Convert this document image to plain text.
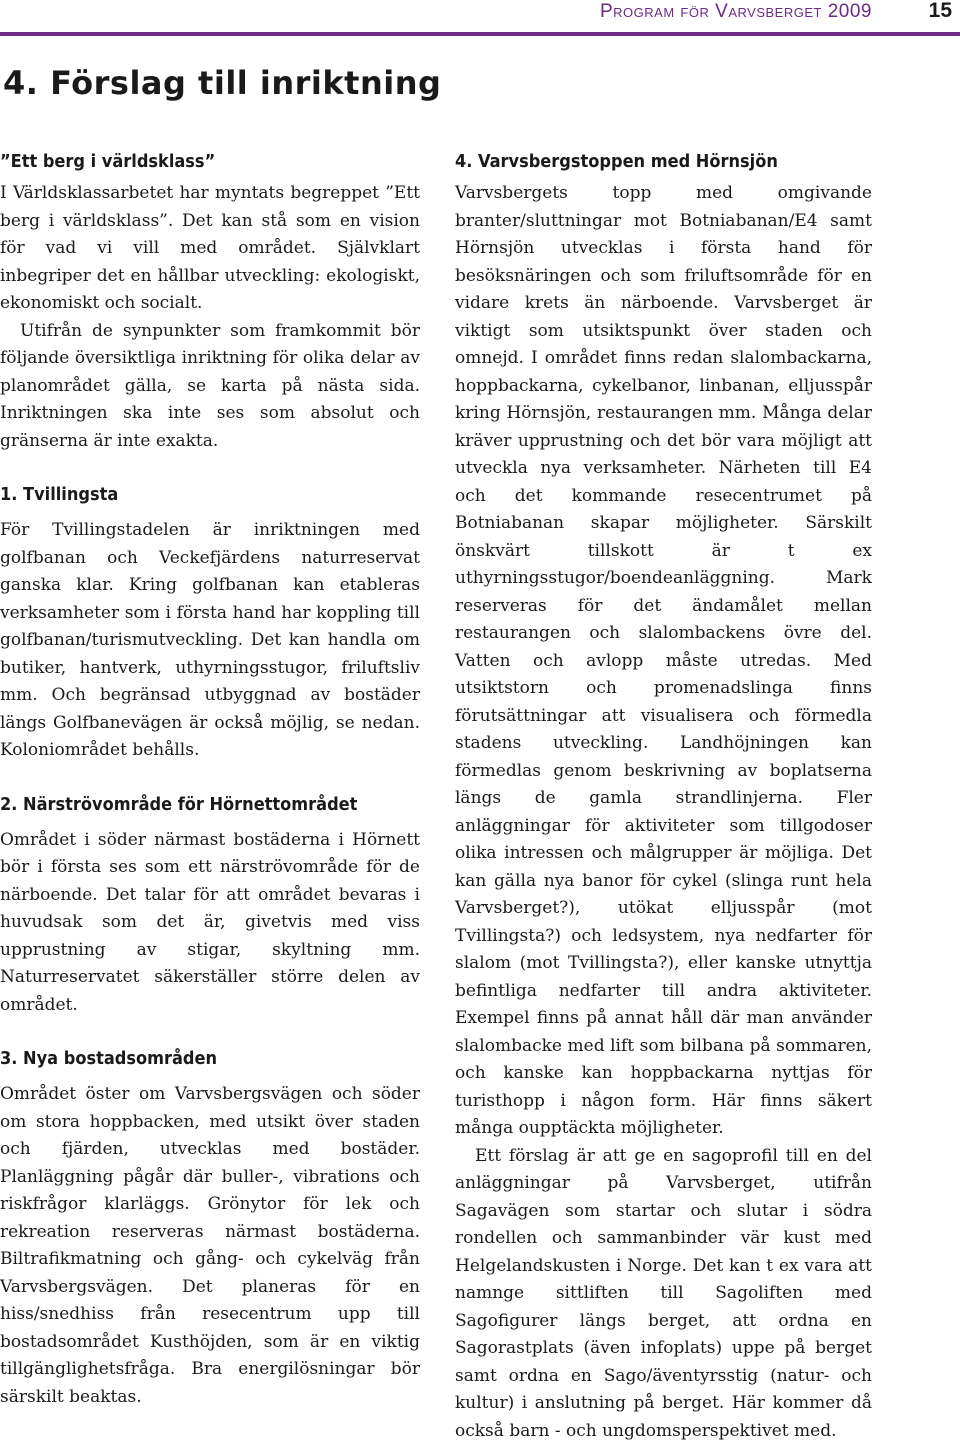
Program för Varvsberget 2009	15
4. Förslag till inriktning
”Ett berg i världsklass”

I Världsklassarbetet har myntats begreppet ”Ett berg i världsklass”. Det kan stå som en vision för vad vi vill med området. Självklart inbegriper det en hållbar utveckling: ekologiskt, ekonomiskt och socialt.

Utifrån de synpunkter som framkommit bör följande översiktliga inriktning för olika delar av planområdet gälla, se karta på nästa sida. Inriktningen ska inte ses som absolut och gränserna är inte exakta.

1. Tvillingsta

För Tvillingstadelen är inriktningen med golfbanan och Veckefjärdens naturreservat ganska klar. Kring golfbanan kan etableras verksamheter som i första hand har koppling till golfbanan/turismutveckling. Det kan handla om butiker, hantverk, uthyrningsstugor, friluftsliv mm. Och begränsad utbyggnad av bostäder längs Golfbanevägen är också möjlig, se nedan. Koloniområdet behålls.

2. Närströvområde för Hörnettområdet

Området i söder närmast bostäderna i Hörnett bör i första ses som ett närströvområde för de närboende. Det talar för att området bevaras i huvudsak som det är, givetvis med viss upprustning av stigar, skyltning mm. Naturreservatet säkerställer större delen av området.

3. Nya bostadsområden

Området öster om Varvsbergsvägen och söder om stora hoppbacken, med utsikt över staden och fjärden, utvecklas med bostäder. Planläggning pågår där buller-, vibrations och riskfrågor klarläggs. Grönytor för lek och rekreation reserveras närmast bostäderna. Biltrafikmatning och gång- och cykelväg från Varvsbergsvägen. Det planeras för en hiss/snedhiss från resecentrum upp till bostadsområdet Kusthöjden, som är en viktig tillgänglighetsfråga. Bra energilösningar bör särskilt beaktas.

4. Varvsbergstoppen med Hörnsjön

Varvsbergets topp med omgivande branter/sluttningar mot Botniabanan/E4 samt Hörnsjön utvecklas i första hand för besöksnäringen och som friluftsområde för en vidare krets än närboende. Varvsberget är viktigt som utsiktspunkt över staden och omnejd. I området finns redan slalombackarna, hoppbackarna, cykelbanor, linbanan, elljusspår kring Hörnsjön, restaurangen mm. Många delar kräver upprustning och det bör vara möjligt att utveckla nya verksamheter. Närheten till E4 och det kommande resecentrumet på Botniabanan skapar möjligheter. Särskilt önskvärt tillskott är t ex uthyrningsstugor/boendeanläggning. Mark reserveras för det ändamålet mellan restaurangen och slalombackens övre del. Vatten och avlopp måste utredas. Med utsiktstorn och promenadslinga finns förutsättningar att visualisera och förmedla stadens utveckling. Landhöjningen kan förmedlas genom beskrivning av boplatserna längs de gamla strandlinjerna. Fler anläggningar för aktiviteter som tillgodoser olika intressen och målgrupper är möjliga. Det kan gälla nya banor för cykel (slinga runt hela Varvsberget?), utökat elljusspår (mot Tvillingsta?) och ledsystem, nya nedfarter för slalom (mot Tvillingsta?), eller kanske utnyttja befintliga nedfarter till andra aktiviteter. Exempel finns på annat håll där man använder slalombacke med lift som bilbana på sommaren, och kanske kan hoppbackarna nyttjas för turisthopp i någon form. Här finns säkert många oupptäckta möjligheter.

Ett förslag är att ge en sagoprofil till en del anläggningar på Varvsberget, utifrån Sagavägen som startar och slutar i södra rondellen och sammanbinder vär kust med Helgelandskusten i Norge. Det kan t ex vara att namnge sittliften till Sagoliften med Sagofigurer längs berget, att ordna en Sagorastplats (även infoplats) uppe på berget samt ordna en Sago/äventyrsstig (natur- och kultur) i anslutning på berget. Här kommer då också barn - och ungdomsperspektivet med.
